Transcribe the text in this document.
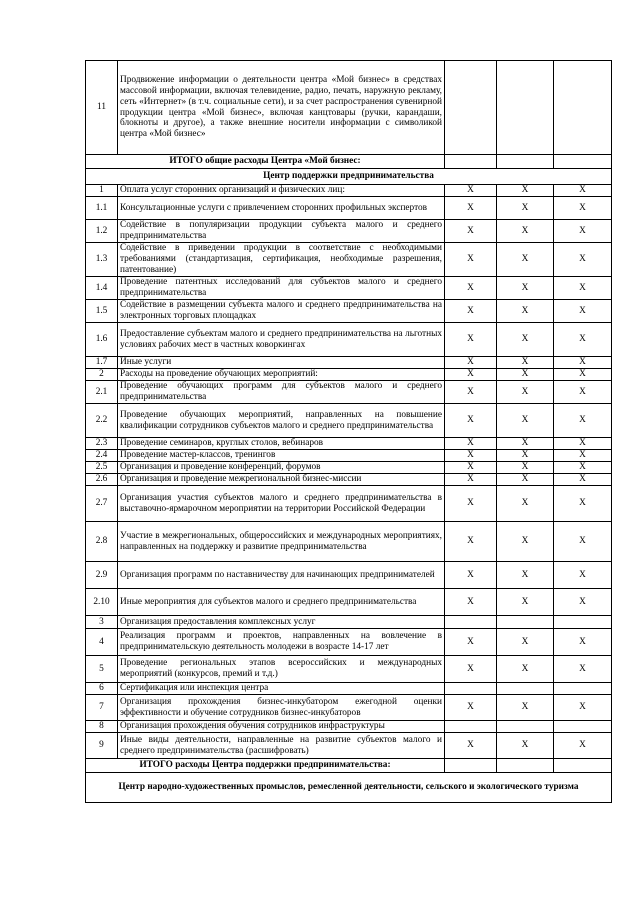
11	Продвижение информации о деятельности центра «Мой бизнес» в средствах массовой информации, включая телевидение, радио, печать, наружную рекламу, сеть «Интернет» (в т.ч. социальные сети), и за счет распространения сувенирной продукции центра «Мой бизнес», включая канцтовары (ручки, карандаши, блокноты и другое), а также внешние носители информации с символикой центра «Мой бизнес»			
ИТОГО общие расходы Центра «Мой бизнес:				
Центр поддержки предпринимательства				
1	Оплата услуг сторонних организаций и физических лиц:	X	X	X
1.1	Консультационные услуги с привлечением сторонних профильных экспертов	X	X	X
1.2	Содействие в популяризации продукции субъекта малого и среднего предпринимательства	X	X	X
1.3	Содействие в приведении продукции в соответствие с необходимыми требованиями (стандартизация, сертификация, необходимые разрешения, патентование)	X	X	X
1.4	Проведение патентных исследований для субъектов малого и среднего предпринимательства	X	X	X
1.5	Содействие в размещении субъекта малого и среднего предпринимательства на электронных торговых площадках	X	X	X
1.6	Предоставление субъектам малого и среднего предпринимательства на льготных условиях рабочих мест в частных коворкингах	X	X	X
1.7	Иные услуги	X	X	X
2	Расходы на проведение обучающих мероприятий:	X	X	X
2.1	Проведение обучающих программ для субъектов малого и среднего предпринимательства	X	X	X
2.2	Проведение обучающих мероприятий, направленных на повышение квалификации сотрудников субъектов малого и среднего предпринимательства	X	X	X
2.3	Проведение семинаров, круглых столов, вебинаров	X	X	X
2.4	Проведение мастер-классов, тренингов	X	X	X
2.5	Организация и проведение конференций, форумов	X	X	X
2.6	Организация и проведение межрегиональной бизнес-миссии	X	X	X
2.7	Организация участия субъектов малого и среднего предпринимательства в выставочно-ярмарочном мероприятии на территории Российской Федерации	X	X	X
2.8	Участие в межрегиональных, общероссийских и международных мероприятиях, направленных на поддержку и развитие предпринимательства	X	X	X
2.9	Организация программ по наставничеству для начинающих предпринимателей	X	X	X
2.10	Иные мероприятия для субъектов малого и среднего предпринимательства	X	X	X
3	Организация предоставления комплексных услуг			
4	Реализация программ и проектов, направленных на вовлечение в предпринимательскую деятельность молодежи в возрасте 14-17 лет	X	X	X
5	Проведение региональных этапов всероссийских и международных мероприятий (конкурсов, премий и т.д.)	X	X	X
6	Сертификация или инспекция центра			
7	Организация прохождения бизнес-инкубатором ежегодной оценки эффективности и обучение сотрудников бизнес-инкубаторов	X	X	X
8	Организация прохождения обучения сотрудников инфраструктуры			
9	Иные виды деятельности, направленные на развитие субъектов малого и среднего предпринимательства (расшифровать)	X	X	X
ИТОГО расходы Центра поддержки предпринимательства:				
Центр народно-художественных промыслов, ремесленной деятельности, сельского и экологического туризма				
